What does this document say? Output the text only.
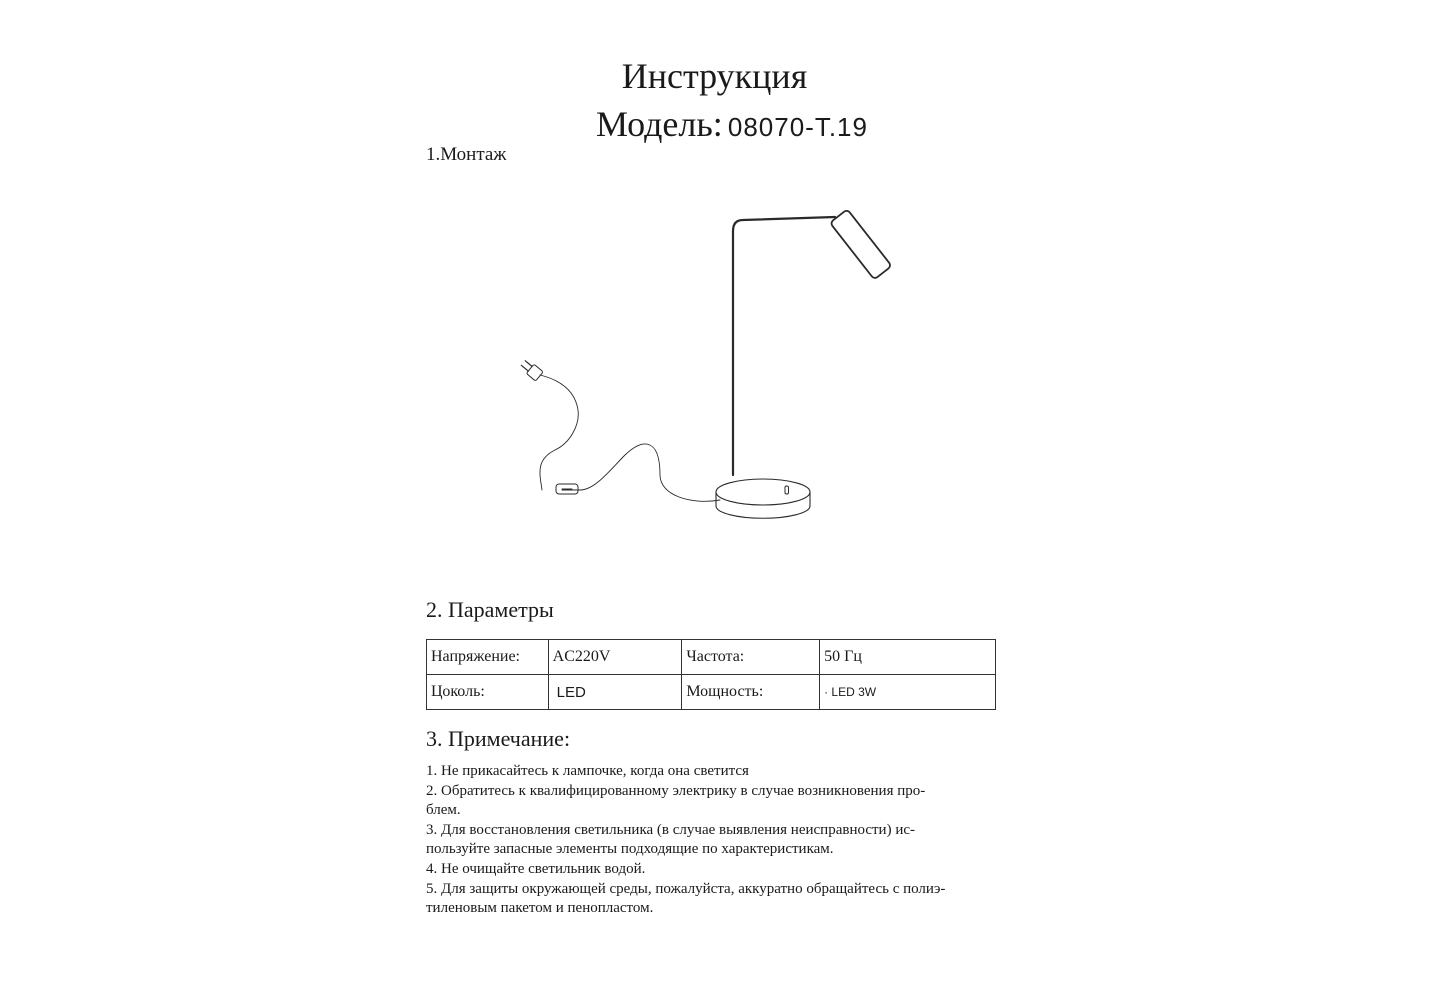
Инструкция
Модель: 08070-T.19
1.Монтаж
2. Параметры
Напряжение:	AC220V	Частота:	50 Гц
Цоколь:	LED	Мощность:	· LED 3W
3. Примечание:
1. Не прикасайтесь к лампочке, когда она светится
2. Обратитесь к квалифицированному электрику в случае возникновения про-
блем.
3. Для восстановления светильника (в случае выявления неисправности) ис-
пользуйте запасные элементы подходящие по характеристикам.
4. Не очищайте светильник водой.
5. Для защиты окружающей среды, пожалуйста, аккуратно обращайтесь с полиэ-
тиленовым пакетом и пенопластом.
